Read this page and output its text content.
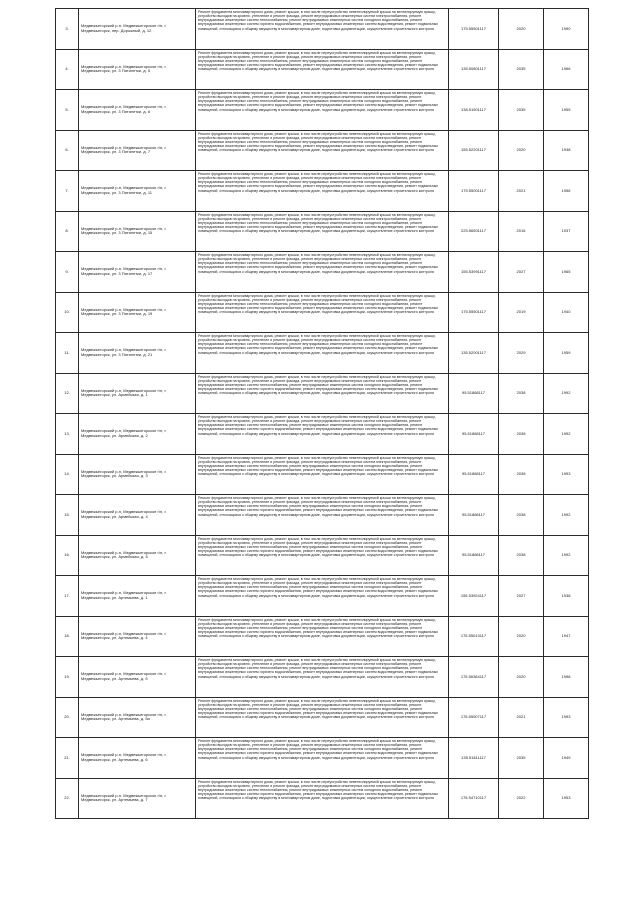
3.	Медвежьегорский р-н, Медвежьегорское г/п, г. Медвежьегорск, пер. Дорожный, д. 12	Ремонт фундамента многоквартирного дома, ремонт крыши, в том числе переустройство невентилируемой крыши на вентилируемую крышу, устройство выходов на кровлю, утепление и ремонт фасада, ремонт внутридомовых инженерных систем электроснабжения, ремонт внутридомовых инженерных систем теплоснабжения, ремонт внутридомовых инженерных систем холодного водоснабжения, ремонт внутридомовых инженерных систем горячего водоснабжения, ремонт внутридомовых инженерных систем водоотведения, ремонт подвальных помещений, относящихся к общему имуществу в многоквартирном доме, подготовка документации, осуществление строительного контроля	175.55501117	2020	1950
4.	Медвежьегорский р-н, Медвежьегорское г/п, г. Медвежьегорск, ул. 3 Пятилетки, д. 5	Ремонт фундамента многоквартирного дома, ремонт крыши, в том числе переустройство невентилируемой крыши на вентилируемую крышу, устройство выходов на кровлю, утепление и ремонт фасада, ремонт внутридомовых инженерных систем электроснабжения, ремонт внутридомовых инженерных систем теплоснабжения, ремонт внутридомовых инженерных систем холодного водоснабжения, ремонт внутридомовых инженерных систем горячего водоснабжения, ремонт внутридомовых инженерных систем водоотведения, ремонт подвальных помещений, относящихся к общему имуществу в многоквартирном доме, подготовка документации, осуществление строительного контроля	135.50801117	2035	1966
5.	Медвежьегорский р-н, Медвежьегорское г/п, г. Медвежьегорск, ул. 3 Пятилетки, д. 6	Ремонт фундамента многоквартирного дома, ремонт крыши, в том числе переустройство невентилируемой крыши на вентилируемую крышу, устройство выходов на кровлю, утепление и ремонт фасада, ремонт внутридомовых инженерных систем электроснабжения, ремонт внутридомовых инженерных систем теплоснабжения, ремонт внутридомовых инженерных систем холодного водоснабжения, ремонт внутридомовых инженерных систем горячего водоснабжения, ремонт внутридомовых инженерных систем водоотведения, ремонт подвальных помещений, относящихся к общему имуществу в многоквартирном доме, подготовка документации, осуществление строительного контроля	138.51501117	2035	1955
6.	Медвежьегорский р-н, Медвежьегорское г/п, г. Медвежьегорск, ул. 3 Пятилетки, д. 7	Ремонт фундамента многоквартирного дома, ремонт крыши, в том числе переустройство невентилируемой крыши на вентилируемую крышу, устройство выходов на кровлю, утепление и ремонт фасада, ремонт внутридомовых инженерных систем электроснабжения, ремонт внутридомовых инженерных систем теплоснабжения, ремонт внутридомовых инженерных систем холодного водоснабжения, ремонт внутридомовых инженерных систем горячего водоснабжения, ремонт внутридомовых инженерных систем водоотведения, ремонт подвальных помещений, относящихся к общему имуществу в многоквартирном доме, подготовка документации, осуществление строительного контроля	155.52201117	2020	1938
7.	Медвежьегорский р-н, Медвежьегорское г/п, г. Медвежьегорск, ул. 3 Пятилетки, д. 11	Ремонт фундамента многоквартирного дома, ремонт крыши, в том числе переустройство невентилируемой крыши на вентилируемую крышу, устройство выходов на кровлю, утепление и ремонт фасада, ремонт внутридомовых инженерных систем электроснабжения, ремонт внутридомовых инженерных систем теплоснабжения, ремонт внутридомовых инженерных систем холодного водоснабжения, ремонт внутридомовых инженерных систем горячего водоснабжения, ремонт внутридомовых инженерных систем водоотведения, ремонт подвальных помещений, относящихся к общему имуществу в многоквартирном доме, подготовка документации, осуществление строительного контроля	175.55001117	2021	1956
8.	Медвежьегорский р-н, Медвежьегорское г/п, г. Медвежьегорск, ул. 3 Пятилетки, д. 15	Ремонт фундамента многоквартирного дома, ремонт крыши, в том числе переустройство невентилируемой крыши на вентилируемую крышу, устройство выходов на кровлю, утепление и ремонт фасада, ремонт внутридомовых инженерных систем электроснабжения, ремонт внутридомовых инженерных систем теплоснабжения, ремонт внутридомовых инженерных систем холодного водоснабжения, ремонт внутридомовых инженерных систем горячего водоснабжения, ремонт внутридомовых инженерных систем водоотведения, ремонт подвальных помещений, относящихся к общему имуществу в многоквартирном доме, подготовка документации, осуществление строительного контроля	225.56501117	2016	1937
9.	Медвежьегорский р-н, Медвежьегорское г/п, г. Медвежьегорск, ул. 3 Пятилетки, д. 17	Ремонт фундамента многоквартирного дома, ремонт крыши, в том числе переустройство невентилируемой крыши на вентилируемую крышу, устройство выходов на кровлю, утепление и ремонт фасада, ремонт внутридомовых инженерных систем электроснабжения, ремонт внутридомовых инженерных систем теплоснабжения, ремонт внутридомовых инженерных систем холодного водоснабжения, ремонт внутридомовых инженерных систем горячего водоснабжения, ремонт внутридомовых инженерных систем водоотведения, ремонт подвальных помещений, относящихся к общему имуществу в многоквартирном доме, подготовка документации, осуществление строительного контроля	155.53991117	2027	1965
10.	Медвежьегорский р-н, Медвежьегорское г/п, г. Медвежьегорск, ул. 3 Пятилетки, д. 19	Ремонт фундамента многоквартирного дома, ремонт крыши, в том числе переустройство невентилируемой крыши на вентилируемую крышу, устройство выходов на кровлю, утепление и ремонт фасада, ремонт внутридомовых инженерных систем электроснабжения, ремонт внутридомовых инженерных систем теплоснабжения, ремонт внутридомовых инженерных систем холодного водоснабжения, ремонт внутридомовых инженерных систем горячего водоснабжения, ремонт внутридомовых инженерных систем водоотведения, ремонт подвальных помещений, относящихся к общему имуществу в многоквартирном доме, подготовка документации, осуществление строительного контроля	175.55501117	2019	1940
11.	Медвежьегорский р-н, Медвежьегорское г/п, г. Медвежьегорск, ул. 3 Пятилетки, д. 21	Ремонт фундамента многоквартирного дома, ремонт крыши, в том числе переустройство невентилируемой крыши на вентилируемую крышу, устройство выходов на кровлю, утепление и ремонт фасада, ремонт внутридомовых инженерных систем электроснабжения, ремонт внутридомовых инженерных систем теплоснабжения, ремонт внутридомовых инженерных систем холодного водоснабжения, ремонт внутридомовых инженерных систем горячего водоснабжения, ремонт внутридомовых инженерных систем водоотведения, ремонт подвальных помещений, относящихся к общему имуществу в многоквартирном доме, подготовка документации, осуществление строительного контроля	135.52001117	2029	1959
12.	Медвежьегорский р-н, Медвежьегорское г/п, г. Медвежьегорск, ул. Армейская, д. 1	Ремонт фундамента многоквартирного дома, ремонт крыши, в том числе переустройство невентилируемой крыши на вентилируемую крышу, устройство выходов на кровлю, утепление и ремонт фасада, ремонт внутридомовых инженерных систем электроснабжения, ремонт внутридомовых инженерных систем теплоснабжения, ремонт внутридомовых инженерных систем холодного водоснабжения, ремонт внутридомовых инженерных систем горячего водоснабжения, ремонт внутридомовых инженерных систем водоотведения, ремонт подвальных помещений, относящихся к общему имуществу в многоквартирном доме, подготовка документации, осуществление строительного контроля	95.51868117	2038	1992
13.	Медвежьегорский р-н, Медвежьегорское г/п, г. Медвежьегорск, ул. Армейская, д. 2	Ремонт фундамента многоквартирного дома, ремонт крыши, в том числе переустройство невентилируемой крыши на вентилируемую крышу, устройство выходов на кровлю, утепление и ремонт фасада, ремонт внутридомовых инженерных систем электроснабжения, ремонт внутридомовых инженерных систем теплоснабжения, ремонт внутридомовых инженерных систем холодного водоснабжения, ремонт внутридомовых инженерных систем горячего водоснабжения, ремонт внутридомовых инженерных систем водоотведения, ремонт подвальных помещений, относящихся к общему имуществу в многоквартирном доме, подготовка документации, осуществление строительного контроля	95.51868117	2038	1992
14.	Медвежьегорский р-н, Медвежьегорское г/п, г. Медвежьегорск, ул. Армейская, д. 3	Ремонт фундамента многоквартирного дома, ремонт крыши, в том числе переустройство невентилируемой крыши на вентилируемую крышу, устройство выходов на кровлю, утепление и ремонт фасада, ремонт внутридомовых инженерных систем электроснабжения, ремонт внутридомовых инженерных систем теплоснабжения, ремонт внутридомовых инженерных систем холодного водоснабжения, ремонт внутридомовых инженерных систем горячего водоснабжения, ремонт внутридомовых инженерных систем водоотведения, ремонт подвальных помещений, относящихся к общему имуществу в многоквартирном доме, подготовка документации, осуществление строительного контроля	95.51868117	2038	1993
15.	Медвежьегорский р-н, Медвежьегорское г/п, г. Медвежьегорск, ул. Армейская, д. 4	Ремонт фундамента многоквартирного дома, ремонт крыши, в том числе переустройство невентилируемой крыши на вентилируемую крышу, устройство выходов на кровлю, утепление и ремонт фасада, ремонт внутридомовых инженерных систем электроснабжения, ремонт внутридомовых инженерных систем теплоснабжения, ремонт внутридомовых инженерных систем холодного водоснабжения, ремонт внутридомовых инженерных систем горячего водоснабжения, ремонт внутридомовых инженерных систем водоотведения, ремонт подвальных помещений, относящихся к общему имуществу в многоквартирном доме, подготовка документации, осуществление строительного контроля	95.51868117	2038	1992
16.	Медвежьегорский р-н, Медвежьегорское г/п, г. Медвежьегорск, ул. Армейская, д. 5	Ремонт фундамента многоквартирного дома, ремонт крыши, в том числе переустройство невентилируемой крыши на вентилируемую крышу, устройство выходов на кровлю, утепление и ремонт фасада, ремонт внутридомовых инженерных систем электроснабжения, ремонт внутридомовых инженерных систем теплоснабжения, ремонт внутридомовых инженерных систем холодного водоснабжения, ремонт внутридомовых инженерных систем горячего водоснабжения, ремонт внутридомовых инженерных систем водоотведения, ремонт подвальных помещений, относящихся к общему имуществу в многоквартирном доме, подготовка документации, осуществление строительного контроля	95.51868117	2038	1992
17.	Медвежьегорский р-н, Медвежьегорское г/п, г. Медвежьегорск, ул. Артемьева, д. 1	Ремонт фундамента многоквартирного дома, ремонт крыши, в том числе переустройство невентилируемой крыши на вентилируемую крышу, устройство выходов на кровлю, утепление и ремонт фасада, ремонт внутридомовых инженерных систем электроснабжения, ремонт внутридомовых инженерных систем теплоснабжения, ремонт внутридомовых инженерных систем холодного водоснабжения, ремонт внутридомовых инженерных систем горячего водоснабжения, ремонт внутридомовых инженерных систем водоотведения, ремонт подвальных помещений, относящихся к общему имуществу в многоквартирном доме, подготовка документации, осуществление строительного контроля	155.53924117	2027	1938
18.	Медвежьегорский р-н, Медвежьегорское г/п, г. Медвежьегорск, ул. Артемьева, д. 4	Ремонт фундамента многоквартирного дома, ремонт крыши, в том числе переустройство невентилируемой крыши на вентилируемую крышу, устройство выходов на кровлю, утепление и ремонт фасада, ремонт внутридомовых инженерных систем электроснабжения, ремонт внутридомовых инженерных систем теплоснабжения, ремонт внутридомовых инженерных систем холодного водоснабжения, ремонт внутридомовых инженерных систем горячего водоснабжения, ремонт внутридомовых инженерных систем водоотведения, ремонт подвальных помещений, относящихся к общему имуществу в многоквартирном доме, подготовка документации, осуществление строительного контроля	175.55013117	2020	1947
19.	Медвежьегорский р-н, Медвежьегорское г/п, г. Медвежьегорск, ул. Артемьева, д. 5	Ремонт фундамента многоквартирного дома, ремонт крыши, в том числе переустройство невентилируемой крыши на вентилируемую крышу, устройство выходов на кровлю, утепление и ремонт фасада, ремонт внутридомовых инженерных систем электроснабжения, ремонт внутридомовых инженерных систем теплоснабжения, ремонт внутридомовых инженерных систем холодного водоснабжения, ремонт внутридомовых инженерных систем горячего водоснабжения, ремонт внутридомовых инженерных систем водоотведения, ремонт подвальных помещений, относящихся к общему имуществу в многоквартирном доме, подготовка документации, осуществление строительного контроля	175.56364117	2020	1958
20.	Медвежьегорский р-н, Медвежьегорское г/п, г. Медвежьегорск, ул. Артемьева, д. 5а	Ремонт фундамента многоквартирного дома, ремонт крыши, в том числе переустройство невентилируемой крыши на вентилируемую крышу, устройство выходов на кровлю, утепление и ремонт фасада, ремонт внутридомовых инженерных систем электроснабжения, ремонт внутридомовых инженерных систем теплоснабжения, ремонт внутридомовых инженерных систем холодного водоснабжения, ремонт внутридомовых инженерных систем горячего водоснабжения, ремонт внутридомовых инженерных систем водоотведения, ремонт подвальных помещений, относящихся к общему имуществу в многоквартирном доме, подготовка документации, осуществление строительного контроля	175.55007117	2021	1953
21.	Медвежьегорский р-н, Медвежьегорское г/п, г. Медвежьегорск, ул. Артемьева, д. 6	Ремонт фундамента многоквартирного дома, ремонт крыши, в том числе переустройство невентилируемой крыши на вентилируемую крышу, устройство выходов на кровлю, утепление и ремонт фасада, ремонт внутридомовых инженерных систем электроснабжения, ремонт внутридомовых инженерных систем теплоснабжения, ремонт внутридомовых инженерных систем холодного водоснабжения, ремонт внутридомовых инженерных систем горячего водоснабжения, ремонт внутридомовых инженерных систем водоотведения, ремонт подвальных помещений, относящихся к общему имуществу в многоквартирном доме, подготовка документации, осуществление строительного контроля	135.51811117	2035	1949
22.	Медвежьегорский р-н, Медвежьегорское г/п, г. Медвежьегорск, ул. Артемьева, д. 7	Ремонт фундамента многоквартирного дома, ремонт крыши, в том числе переустройство невентилируемой крыши на вентилируемую крышу, устройство выходов на кровлю, утепление и ремонт фасада, ремонт внутридомовых инженерных систем электроснабжения, ремонт внутридомовых инженерных систем теплоснабжения, ремонт внутридомовых инженерных систем холодного водоснабжения, ремонт внутридомовых инженерных систем горячего водоснабжения, ремонт внутридомовых инженерных систем водоотведения, ремонт подвальных помещений, относящихся к общему имуществу в многоквартирном доме, подготовка документации, осуществление строительного контроля	175.54710117	2022	1953
